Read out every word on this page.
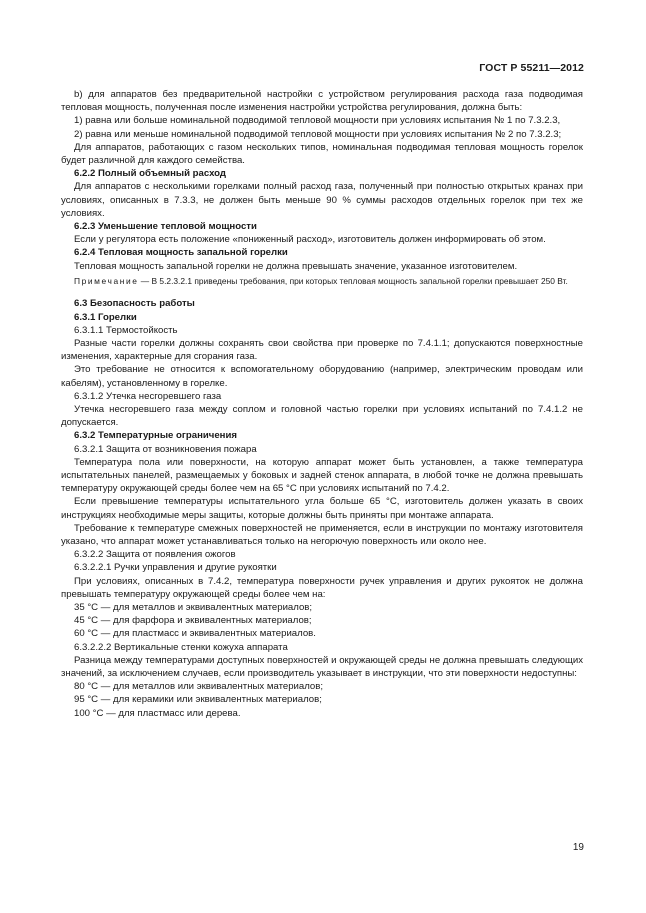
ГОСТ Р 55211—2012

b) для аппаратов без предварительной настройки с устройством регулирования расхода газа подводимая тепловая мощность, полученная после изменения настройки устройства регулирования, должна быть:

1) равна или больше номинальной подводимой тепловой мощности при условиях испытания № 1 по 7.3.2.3,

2) равна или меньше номинальной подводимой тепловой мощности при условиях испытания № 2 по 7.3.2.3;

Для аппаратов, работающих с газом нескольких типов, номинальная подводимая тепловая мощность горелок будет различной для каждого семейства.

6.2.2 Полный объемный расход

Для аппаратов с несколькими горелками полный расход газа, полученный при полностью открытых кранах при условиях, описанных в 7.3.3, не должен быть меньше 90 % суммы расходов отдельных горелок при тех же условиях.

6.2.3 Уменьшение тепловой мощности

Если у регулятора есть положение «пониженный расход», изготовитель должен информировать об этом.

6.2.4 Тепловая мощность запальной горелки

Тепловая мощность запальной горелки не должна превышать значение, указанное изготовителем.

Примечание — В 5.2.3.2.1 приведены требования, при которых тепловая мощность запальной горелки превышает 250 Вт.

6.3 Безопасность работы

6.3.1 Горелки

6.3.1.1 Термостойкость

Разные части горелки должны сохранять свои свойства при проверке по 7.4.1.1; допускаются поверхностные изменения, характерные для сгорания газа.

Это требование не относится к вспомогательному оборудованию (например, электрическим проводам или кабелям), установленному в горелке.

6.3.1.2 Утечка несгоревшего газа

Утечка несгоревшего газа между соплом и головной частью горелки при условиях испытаний по 7.4.1.2 не допускается.

6.3.2 Температурные ограничения

6.3.2.1 Защита от возникновения пожара

Температура пола или поверхности, на которую аппарат может быть установлен, а также температура испытательных панелей, размещаемых у боковых и задней стенок аппарата, в любой точке не должна превышать температуру окружающей среды более чем на 65 °С при условиях испытаний по 7.4.2.

Если превышение температуры испытательного угла больше 65 °С, изготовитель должен указать в своих инструкциях необходимые меры защиты, которые должны быть приняты при монтаже аппарата.

Требование к температуре смежных поверхностей не применяется, если в инструкции по монтажу изготовителя указано, что аппарат может устанавливаться только на негорючую поверхность или около нее.

6.3.2.2 Защита от появления ожогов

6.3.2.2.1 Ручки управления и другие рукоятки

При условиях, описанных в 7.4.2, температура поверхности ручек управления и других рукояток не должна превышать температуру окружающей среды более чем на:

35 °С — для металлов и эквивалентных материалов;

45 °С — для фарфора и эквивалентных материалов;

60 °С — для пластмасс и эквивалентных материалов.

6.3.2.2.2 Вертикальные стенки кожуха аппарата

Разница между температурами доступных поверхностей и окружающей среды не должна превышать следующих значений, за исключением случаев, если производитель указывает в инструкции, что эти поверхности недоступны:

80 °С — для металлов или эквивалентных материалов;

95 °С — для керамики или эквивалентных материалов;

100 °С — для пластмасс или дерева.

19
